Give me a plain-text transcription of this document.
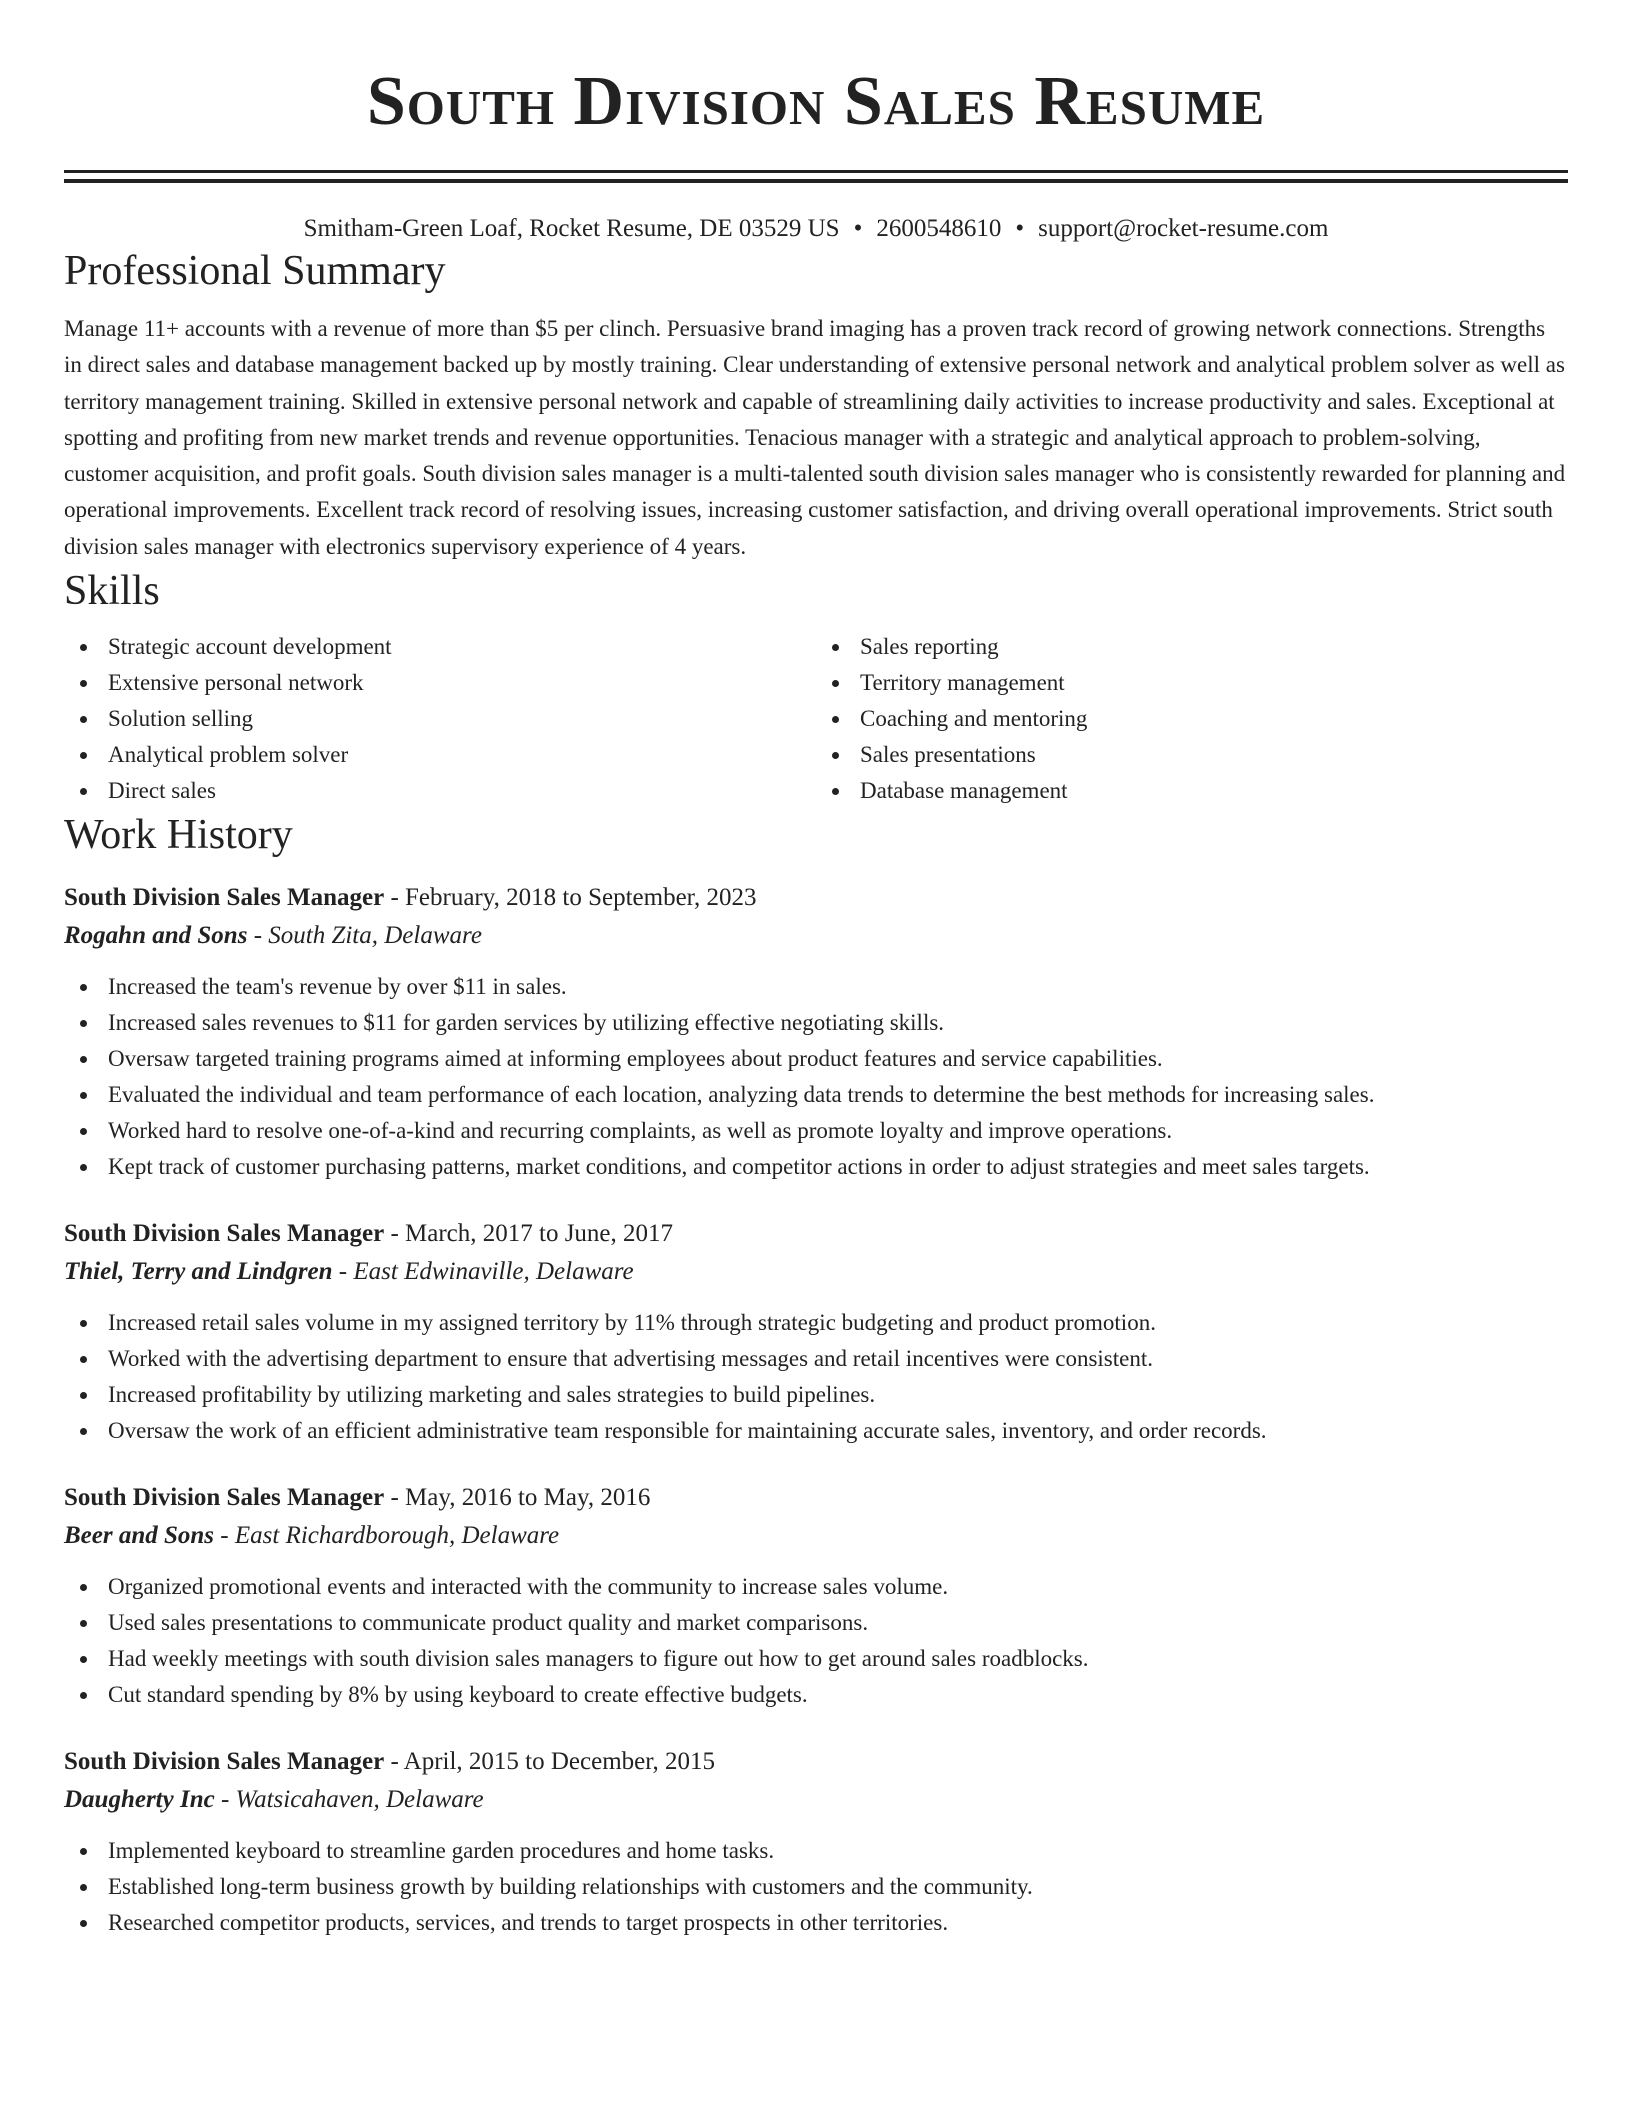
South Division Sales Resume
Smitham-Green Loaf, Rocket Resume, DE 03529 US • 2600548610 • support@rocket-resume.com
Professional Summary

Manage 11+ accounts with a revenue of more than $5 per clinch. Persuasive brand imaging has a proven track record of growing network connections. Strengths in direct sales and database management backed up by mostly training. Clear understanding of extensive personal network and analytical problem solver as well as territory management training. Skilled in extensive personal network and capable of streamlining daily activities to increase productivity and sales. Exceptional at spotting and profiting from new market trends and revenue opportunities. Tenacious manager with a strategic and analytical approach to problem-solving, customer acquisition, and profit goals. South division sales manager is a multi-talented south division sales manager who is consistently rewarded for planning and operational improvements. Excellent track record of resolving issues, increasing customer satisfaction, and driving overall operational improvements. Strict south division sales manager with electronics supervisory experience of 4 years.

Skills
Strategic account development
Extensive personal network
Solution selling
Analytical problem solver
Direct sales
Sales reporting
Territory management
Coaching and mentoring
Sales presentations
Database management
Work History
South Division Sales Manager - February, 2018 to September, 2023
Rogahn and Sons - South Zita, Delaware
Increased the team's revenue by over $11 in sales.
Increased sales revenues to $11 for garden services by utilizing effective negotiating skills.
Oversaw targeted training programs aimed at informing employees about product features and service capabilities.
Evaluated the individual and team performance of each location, analyzing data trends to determine the best methods for increasing sales.
Worked hard to resolve one-of-a-kind and recurring complaints, as well as promote loyalty and improve operations.
Kept track of customer purchasing patterns, market conditions, and competitor actions in order to adjust strategies and meet sales targets.
South Division Sales Manager - March, 2017 to June, 2017
Thiel, Terry and Lindgren - East Edwinaville, Delaware
Increased retail sales volume in my assigned territory by 11% through strategic budgeting and product promotion.
Worked with the advertising department to ensure that advertising messages and retail incentives were consistent.
Increased profitability by utilizing marketing and sales strategies to build pipelines.
Oversaw the work of an efficient administrative team responsible for maintaining accurate sales, inventory, and order records.
South Division Sales Manager - May, 2016 to May, 2016
Beer and Sons - East Richardborough, Delaware
Organized promotional events and interacted with the community to increase sales volume.
Used sales presentations to communicate product quality and market comparisons.
Had weekly meetings with south division sales managers to figure out how to get around sales roadblocks.
Cut standard spending by 8% by using keyboard to create effective budgets.
South Division Sales Manager - April, 2015 to December, 2015
Daugherty Inc - Watsicahaven, Delaware
Implemented keyboard to streamline garden procedures and home tasks.
Established long-term business growth by building relationships with customers and the community.
Researched competitor products, services, and trends to target prospects in other territories.
